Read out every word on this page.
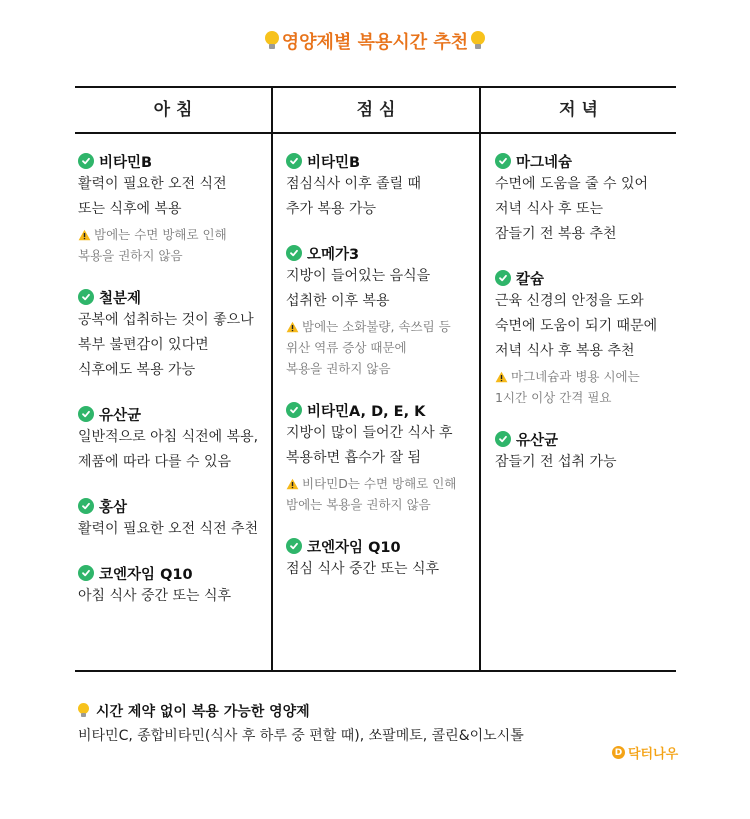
영양제별 복용시간 추천
아 침	점 심	저 녁
비타민B
활력이 필요한 오전 식전
또는 식후에 복용
밤에는 수면 방해로 인해
복용을 권하지 않음
철분제
공복에 섭취하는 것이 좋으나
복부 불편감이 있다면
식후에도 복용 가능
유산균
일반적으로 아침 식전에 복용,
제품에 따라 다를 수 있음
홍삼
활력이 필요한 오전 식전 추천
코엔자임 Q10
아침 식사 중간 또는 식후
비타민B
점심식사 이후 졸릴 때
추가 복용 가능
오메가3
지방이 들어있는 음식을
섭취한 이후 복용
밤에는 소화불량, 속쓰림 등
위산 역류 증상 때문에
복용을 권하지 않음
비타민A, D, E, K
지방이 많이 들어간 식사 후
복용하면 흡수가 잘 됨
비타민D는 수면 방해로 인해
밤에는 복용을 권하지 않음
코엔자임 Q10
점심 식사 중간 또는 식후
마그네슘
수면에 도움을 줄 수 있어
저녁 식사 후 또는
잠들기 전 복용 추천
칼슘
근육 신경의 안정을 도와
숙면에 도움이 되기 때문에
저녁 식사 후 복용 추천
마그네슘과 병용 시에는
1시간 이상 간격 필요
유산균
잠들기 전 섭취 가능
시간 제약 없이 복용 가능한 영양제
비타민C, 종합비타민(식사 후 하루 중 편할 때), 쏘팔메토, 콜린&이노시톨
D 닥터나우
